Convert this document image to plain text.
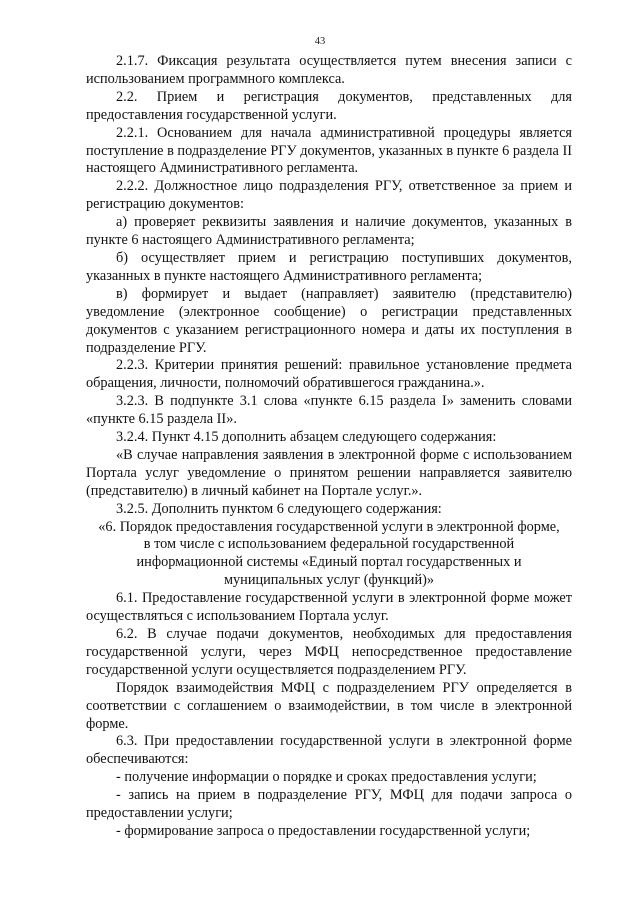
43

2.1.7. Фиксация результата осуществляется путем внесения записи с использованием программного комплекса.

2.2. Прием и регистрация документов, представленных для предоставления государственной услуги.

2.2.1. Основанием для начала административной процедуры является поступление в подразделение РГУ документов, указанных в пункте 6 раздела II настоящего Административного регламента.

2.2.2. Должностное лицо подразделения РГУ, ответственное за прием и регистрацию документов:

а) проверяет реквизиты заявления и наличие документов, указанных в пункте 6 настоящего Административного регламента;

б) осуществляет прием и регистрацию поступивших документов, указанных в пункте настоящего Административного регламента;

в) формирует и выдает (направляет) заявителю (представителю) уведомление (электронное сообщение) о регистрации представленных документов с указанием регистрационного номера и даты их поступления в подразделение РГУ.

2.2.3. Критерии принятия решений: правильное установление предмета обращения, личности, полномочий обратившегося гражданина.».

3.2.3. В подпункте 3.1 слова «пункте 6.15 раздела I» заменить словами «пункте 6.15 раздела II».

3.2.4. Пункт 4.15 дополнить абзацем следующего содержания:

«В случае направления заявления в электронной форме с использованием Портала услуг уведомление о принятом решении направляется заявителю (представителю) в личный кабинет на Портале услуг.».

3.2.5. Дополнить пунктом 6 следующего содержания:

«6. Порядок предоставления государственной услуги в электронной форме, в том числе с использованием федеральной государственной информационной системы «Единый портал государственных и муниципальных услуг (функций)»

6.1. Предоставление государственной услуги в электронной форме может осуществляться с использованием Портала услуг.

6.2. В случае подачи документов, необходимых для предоставления государственной услуги, через МФЦ непосредственное предоставление государственной услуги осуществляется подразделением РГУ.

Порядок взаимодействия МФЦ с подразделением РГУ определяется в соответствии с соглашением о взаимодействии, в том числе в электронной форме.

6.3. При предоставлении государственной услуги в электронной форме обеспечиваются:

- получение информации о порядке и сроках предоставления услуги;

- запись на прием в подразделение РГУ, МФЦ для подачи запроса о предоставлении услуги;

- формирование запроса о предоставлении государственной услуги;
